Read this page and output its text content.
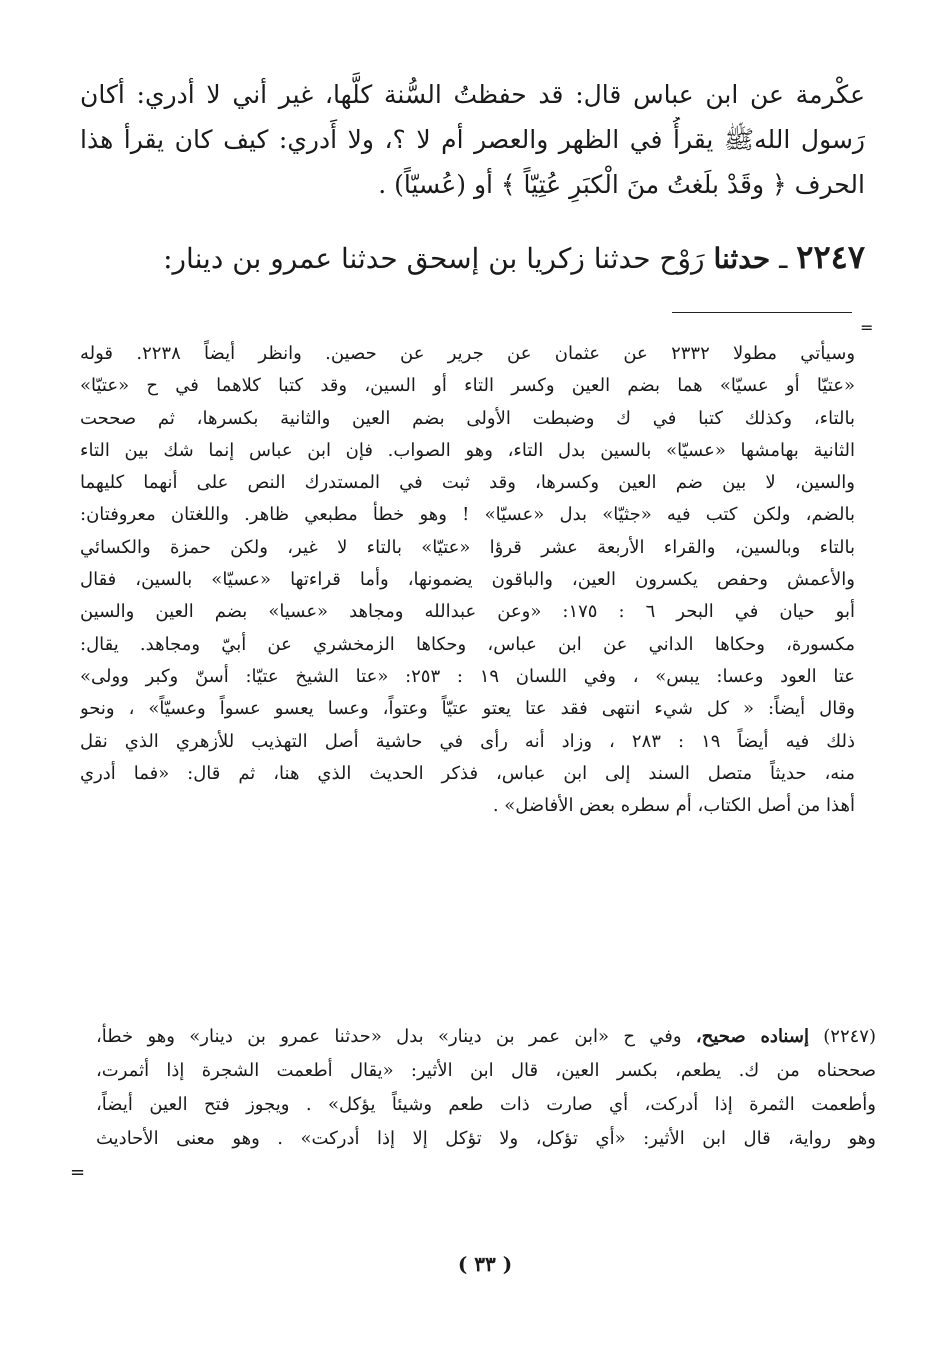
عكْرمة عن ابن عباس قال: قد حفظتُ السُّنة كلَّها، غير أني لا أدري: أكان
رَسول اللهﷺ يقرأُ في الظهر والعصر أم لا ؟، ولا أَدري: كيف كان يقرأ هذا
الحرف ﴿ وقَدْ بلَغتُ منَ الْكبَرِ عُتِيّاً ﴾ أو (عُسيّاً) .
٢٢٤٧ ـ حدثنا رَوْح حدثنا زكريا بن إسحق حدثنا عمرو بن دينار:
=
وسيأتي مطولا ٢٣٣٢ عن عثمان عن جرير عن حصين. وانظر أيضاً ٢٢٣٨. قوله
«عتيّا أو عسيّا» هما بضم العين وكسر التاء أو السين، وقد كتبا كلاهما في ح «عتيّا»
بالتاء، وكذلك كتبا في ك وضبطت الأولى بضم العين والثانية بكسرها، ثم صححت
الثانية بهامشها «عسيّا» بالسين بدل التاء، وهو الصواب. فإن ابن عباس إنما شك بين التاء
والسين، لا بين ضم العين وكسرها، وقد ثبت في المستدرك النص على أنهما كليهما
بالضم، ولكن كتب فيه «جثيّا» بدل «عسيّا» ! وهو خطأ مطبعي ظاهر. واللغتان معروفتان:
بالتاء وبالسين، والقراء الأربعة عشر قرؤا «عتيّا» بالتاء لا غير، ولكن حمزة والكسائي
والأعمش وحفص يكسرون العين، والباقون يضمونها، وأما قراءتها «عسيّا» بالسين، فقال
أبو حيان في البحر ٦ : ١٧٥: «وعن عبدالله ومجاهد «عسيا» بضم العين والسين
مكسورة، وحكاها الداني عن ابن عباس، وحكاها الزمخشري عن أبيّ ومجاهد. يقال:
عتا العود وعسا: يبس» ، وفي اللسان ١٩ : ٢٥٣: «عتا الشيخ عتيّا: أسنّ وكبر وولى»
وقال أيضاً: « كل شيء انتهى فقد عتا يعتو عتيّاً وعتواً، وعسا يعسو عسواً وعسيّاً» ، ونحو
ذلك فيه أيضاً ١٩ : ٢٨٣ ، وزاد أنه رأى في حاشية أصل التهذيب للأزهري الذي نقل
منه، حديثاً متصل السند إلى ابن عباس، فذكر الحديث الذي هنا، ثم قال: «فما أدري
أهذا من أصل الكتاب، أم سطره بعض الأفاضل» .
(٢٢٤٧) إسناده صحيح، وفي ح «ابن عمر بن دينار» بدل «حدثنا عمرو بن دينار» وهو خطأ،
صححناه من ك. يطعم، بكسر العين، قال ابن الأثير: «يقال أطعمت الشجرة إذا أثمرت،
وأطعمت الثمرة إذا أدركت، أي صارت ذات طعم وشيئاً يؤكل» . ويجوز فتح العين أيضاً،
وهو رواية، قال ابن الأثير: «أي تؤكل، ولا تؤكل إلا إذا أدركت» . وهو معنى الأحاديث
=
( ٣٣ )
